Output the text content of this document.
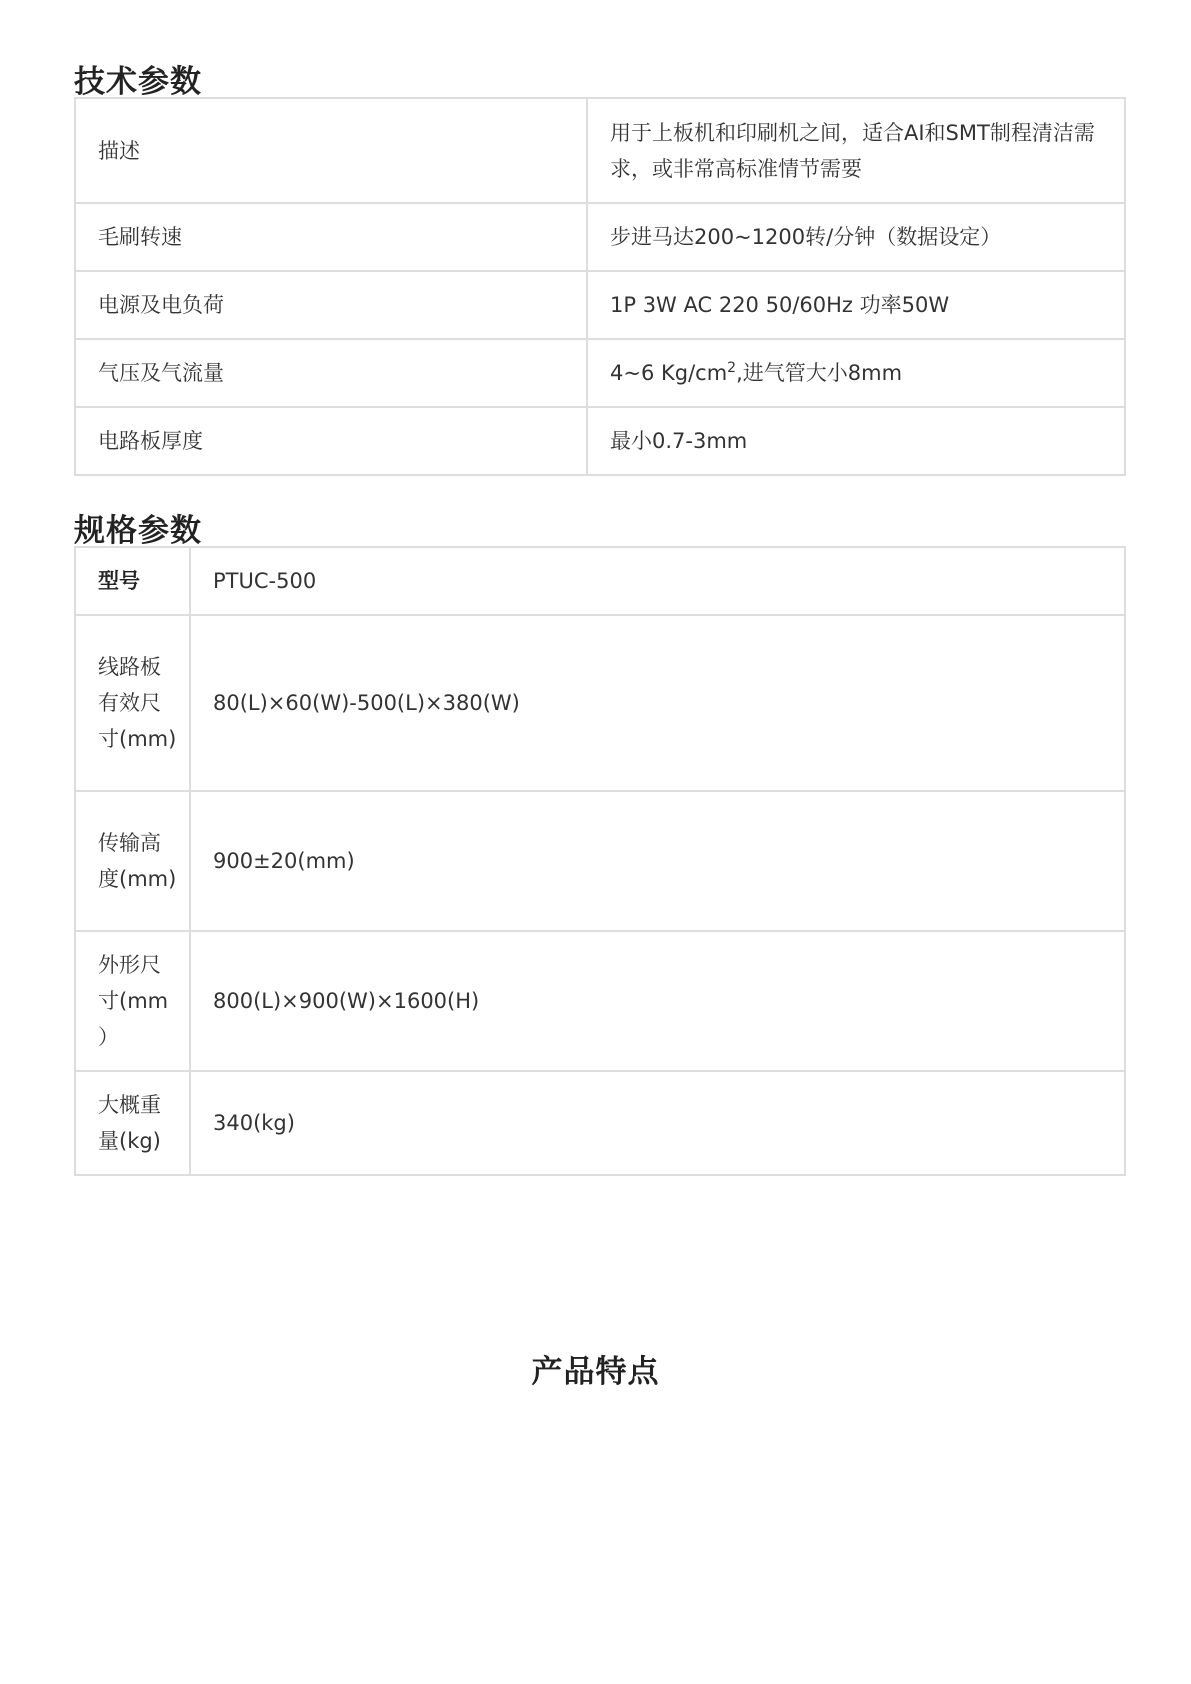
技术参数
描述	用于上板机和印刷机之间，适合AI和SMT制程清洁需求，或非常高标准情节需要
毛刷转速	步进马达200~1200转/分钟（数据设定）
电源及电负荷	1P 3W AC 220 50/60Hz 功率50W
气压及气流量	4~6 $Kg/cm^2$,进气管大小8mm
电路板厚度	最小0.7-3mm
规格参数
型号	PTUC-500
线路板有效尺寸(mm)	80(L)×60(W)-500(L)×380(W)
传输高度(mm)	900±20(mm)
外形尺寸(mm ）	800(L)×900(W)×1600(H)
大概重量(kg)	340(kg)
产品特点
